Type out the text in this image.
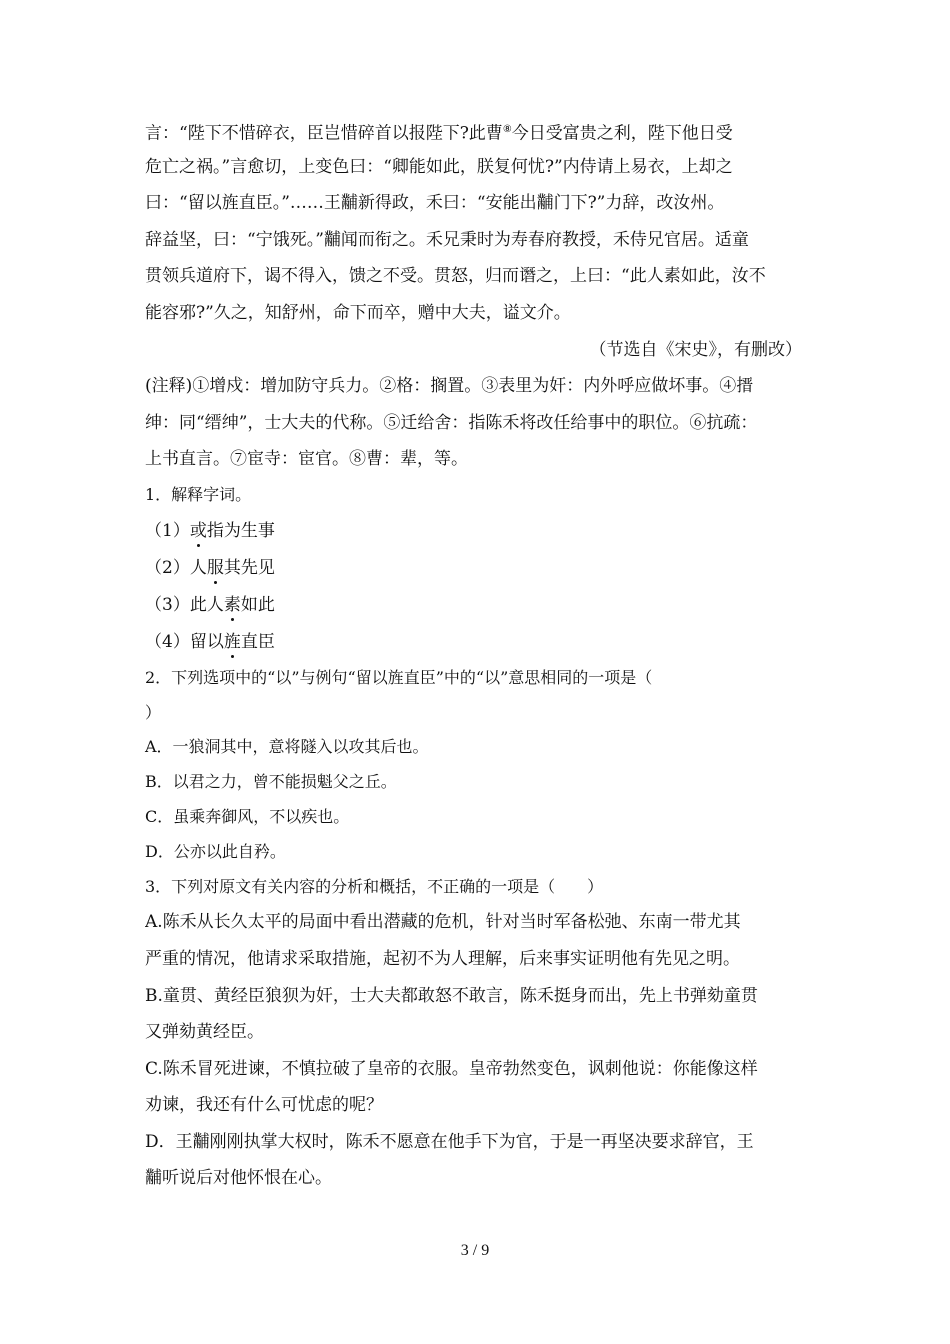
言：“陛下不惜碎衣，臣岂惜碎首以报陛下?此曹⑧今日受富贵之利，陛下他日受
危亡之祸。”言愈切，上变色曰：“卿能如此，朕复何忧?”内侍请上易衣，上却之
曰：“留以旌直臣。”……王黼新得政，禾曰：“安能出黼门下?”力辞，改汝州。
辞益坚，曰：“宁饿死。”黼闻而衔之。禾兄秉时为寿春府教授，禾侍兄官居。适童
贯领兵道府下，谒不得入，馈之不受。贯怒，归而谮之，上曰：“此人素如此，汝不
能容邪?”久之，知舒州，命下而卒，赠中大夫，谥文介。
（节选自《宋史》，有删改）
(注释)①增戍：增加防守兵力。②格：搁置。③表里为奸：内外呼应做坏事。④搢
绅：同“缙绅”，士大夫的代称。⑤迁给舍：指陈禾将改任给事中的职位。⑥抗疏：
上书直言。⑦宦寺：宦官。⑧曹：辈，等。
1．解释字词。
（1）或指为生事
（2）人服其先见
（3）此人素如此
（4）留以旌直臣
2．下列选项中的“以”与例句“留以旌直臣”中的“以”意思相同的一项是（
）
A．一狼洞其中，意将隧入以攻其后也。
B．以君之力，曾不能损魁父之丘。
C．虽乘奔御风，不以疾也。
D．公亦以此自矜。
3．下列对原文有关内容的分析和概括，不正确的一项是（　　）
A.陈禾从长久太平的局面中看出潜藏的危机，针对当时军备松弛、东南一带尤其
严重的情况，他请求采取措施，起初不为人理解，后来事实证明他有先见之明。
B.童贯、黄经臣狼狈为奸，士大夫都敢怒不敢言，陈禾挺身而出，先上书弹劾童贯
又弹劾黄经臣。
C.陈禾冒死进谏，不慎拉破了皇帝的衣服。皇帝勃然变色，讽刺他说：你能像这样
劝谏，我还有什么可忧虑的呢？
D．王黼刚刚执掌大权时，陈禾不愿意在他手下为官，于是一再坚决要求辞官，王
黼听说后对他怀恨在心。
3 / 9
